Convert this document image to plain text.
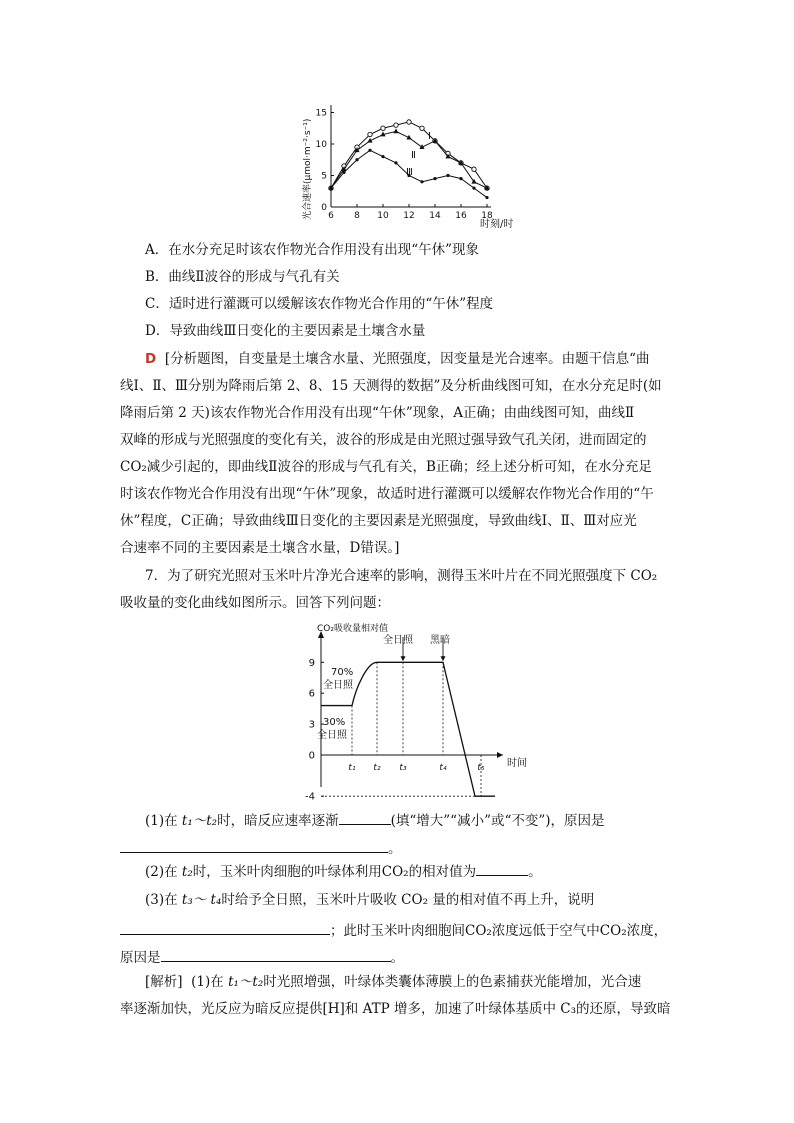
6 8 10 12 14 16 18
0
5
10
15
光合速率(μmol·m⁻²·s⁻¹)
时刻/时
Ⅰ
Ⅱ
Ⅲ
A．在水分充足时该农作物光合作用没有出现“午休”现象
B．曲线Ⅱ波谷的形成与气孔有关
C．适时进行灌溉可以缓解该农作物光合作用的“午休”程度
D．导致曲线Ⅲ日变化的主要因素是土壤含水量
D [分析题图，自变量是土壤含水量、光照强度，因变量是光合速率。由题干信息“曲
线Ⅰ、Ⅱ、Ⅲ分别为降雨后第 2、8、15 天测得的数据”及分析曲线图可知，在水分充足时(如
降雨后第 2 天)该农作物光合作用没有出现“午休”现象，A正确；由曲线图可知，曲线Ⅱ
双峰的形成与光照强度的变化有关，波谷的形成是由光照过强导致气孔关闭，进而固定的
CO₂减少引起的，即曲线Ⅱ波谷的形成与气孔有关，B正确；经上述分析可知，在水分充足
时该农作物光合作用没有出现“午休”现象，故适时进行灌溉可以缓解农作物光合作用的“午
休”程度，C正确；导致曲线Ⅲ日变化的主要因素是光照强度，导致曲线Ⅰ、Ⅱ、Ⅲ对应光
合速率不同的主要因素是土壤含水量，D错误。]
7．为了研究光照对玉米叶片净光合速率的影响，测得玉米叶片在不同光照强度下 CO₂
吸收量的变化曲线如图所示。回答下列问题：
9
6
3
0
-4
t₁ t₂ t₃	t₄	t₅
CO₂吸收量相对值
时间
全日照 黑暗
70%
全日照
30%
全日照
(1)在 t₁～t₂时，暗反应速率逐渐	(填“增大”“减小”或“不变”)，原因是
。
(2)在 t₂时，玉米叶肉细胞的叶绿体利用CO₂的相对值为	。
(3)在 t₃～ t₄时给予全日照，玉米叶片吸收 CO₂ 量的相对值不再上升，说明
；此时玉米叶肉细胞间CO₂浓度远低于空气中CO₂浓度，
原因是	。
[解析] (1)在 t₁～t₂时光照增强，叶绿体类囊体薄膜上的色素捕获光能增加，光合速
率逐渐加快，光反应为暗反应提供[H]和 ATP 增多，加速了叶绿体基质中 C₃的还原，导致暗
